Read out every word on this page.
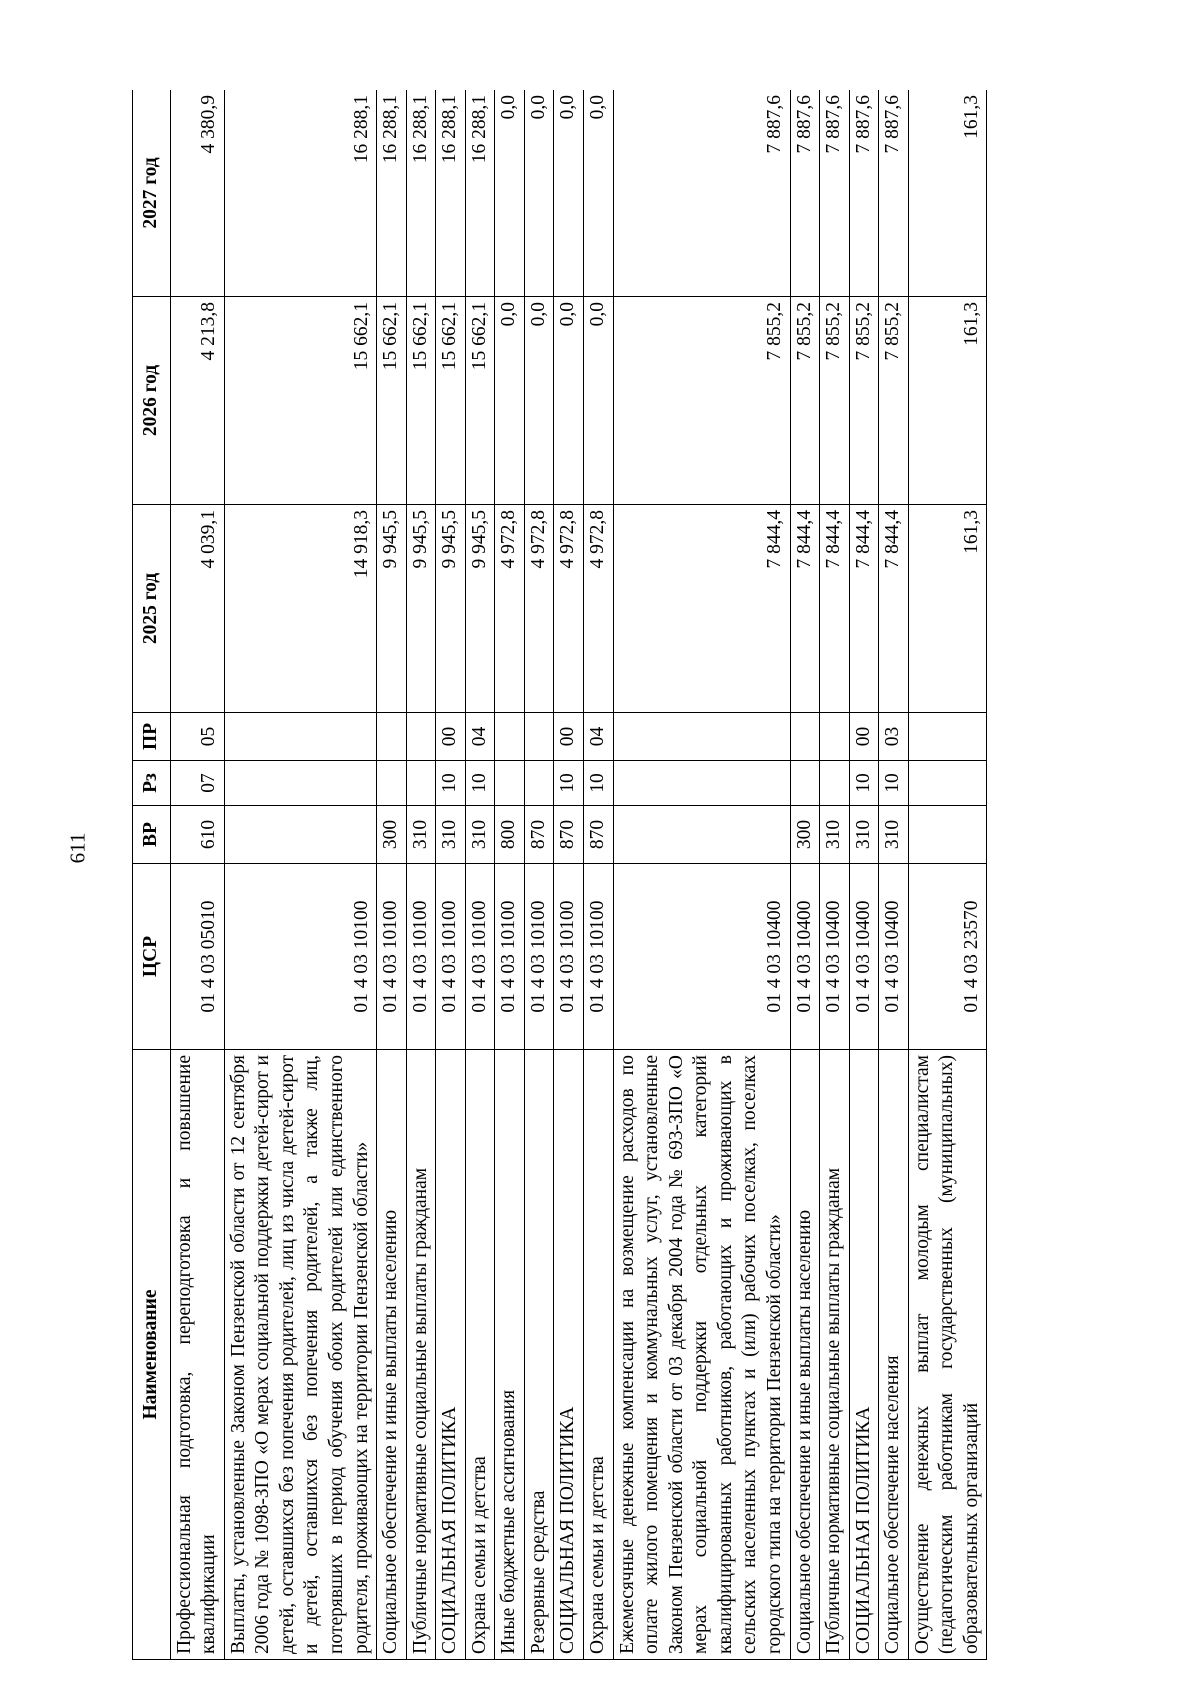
611
Наименование	ЦСР	ВР	Рз	ПР	2025 год	2026 год	2027 год
Профессиональная подготовка, переподготовка и повышение квалификации	01 4 03 05010	610	07	05	4 039,1	4 213,8	4 380,9
Выплаты, установленные Законом Пензенской области от 12 сентября 2006 года № 1098-ЗПО «О мерах социальной поддержки детей-сирот и детей, оставшихся без попечения родителей, лиц из числа детей-сирот и детей, оставшихся без попечения родителей, а также лиц, потерявших в период обучения обоих родителей или единственного родителя, проживающих на территории Пензенской области»	01 4 03 10100				14 918,3	15 662,1	16 288,1
Социальное обеспечение и иные выплаты населению	01 4 03 10100	300			9 945,5	15 662,1	16 288,1
Публичные нормативные социальные выплаты гражданам	01 4 03 10100	310			9 945,5	15 662,1	16 288,1
СОЦИАЛЬНАЯ ПОЛИТИКА	01 4 03 10100	310	10	00	9 945,5	15 662,1	16 288,1
Охрана семьи и детства	01 4 03 10100	310	10	04	9 945,5	15 662,1	16 288,1
Иные бюджетные ассигнования	01 4 03 10100	800			4 972,8	0,0	0,0
Резервные средства	01 4 03 10100	870			4 972,8	0,0	0,0
СОЦИАЛЬНАЯ ПОЛИТИКА	01 4 03 10100	870	10	00	4 972,8	0,0	0,0
Охрана семьи и детства	01 4 03 10100	870	10	04	4 972,8	0,0	0,0
Ежемесячные денежные компенсации на возмещение расходов по оплате жилого помещения и коммунальных услуг, установленные Законом Пензенской области от 03 декабря 2004 года № 693-ЗПО «О мерах социальной поддержки отдельных категорий квалифицированных работников, работающих и проживающих в сельских населенных пунктах и (или) рабочих поселках, поселках городского типа на территории Пензенской области»	01 4 03 10400				7 844,4	7 855,2	7 887,6
Социальное обеспечение и иные выплаты населению	01 4 03 10400	300			7 844,4	7 855,2	7 887,6
Публичные нормативные социальные выплаты гражданам	01 4 03 10400	310			7 844,4	7 855,2	7 887,6
СОЦИАЛЬНАЯ ПОЛИТИКА	01 4 03 10400	310	10	00	7 844,4	7 855,2	7 887,6
Социальное обеспечение населения	01 4 03 10400	310	10	03	7 844,4	7 855,2	7 887,6
Осуществление денежных выплат молодым специалистам (педагогическим работникам государственных (муниципальных) образовательных организаций	01 4 03 23570				161,3	161,3	161,3
